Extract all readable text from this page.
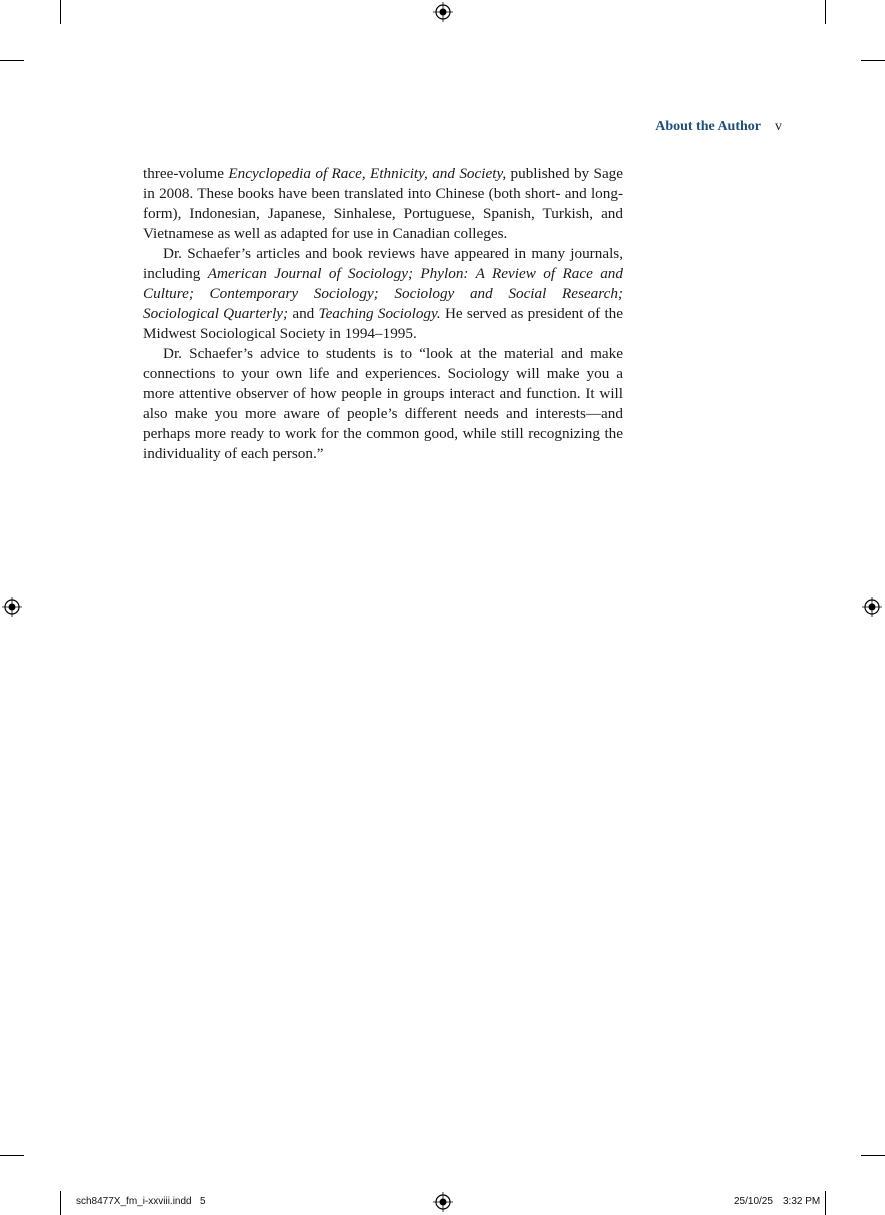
About the Author v

three-volume Encyclopedia of Race, Ethnicity, and Society, published by Sage in 2008. These books have been translated into Chinese (both short- and long-form), Indonesian, Japanese, Sinhalese, Portuguese, Spanish, Turkish, and Vietnamese as well as adapted for use in Canadian colleges.

Dr. Schaefer’s articles and book reviews have appeared in many journals, including American Journal of Sociology; Phylon: A Review of Race and Culture; Contemporary Sociology; Sociology and Social Research; Sociological Quarterly; and Teaching Sociology. He served as president of the Midwest Sociological Society in 1994–1995.

Dr. Schaefer’s advice to students is to “look at the material and make connections to your own life and experiences. Sociology will make you a more attentive observer of how people in groups interact and function. It will also make you more aware of people’s different needs and interests—and perhaps more ready to work for the common good, while still recognizing the individuality of each person.”

sch8477X_fm_i-xxviii.indd   5	25/10/25 3:32 PM
